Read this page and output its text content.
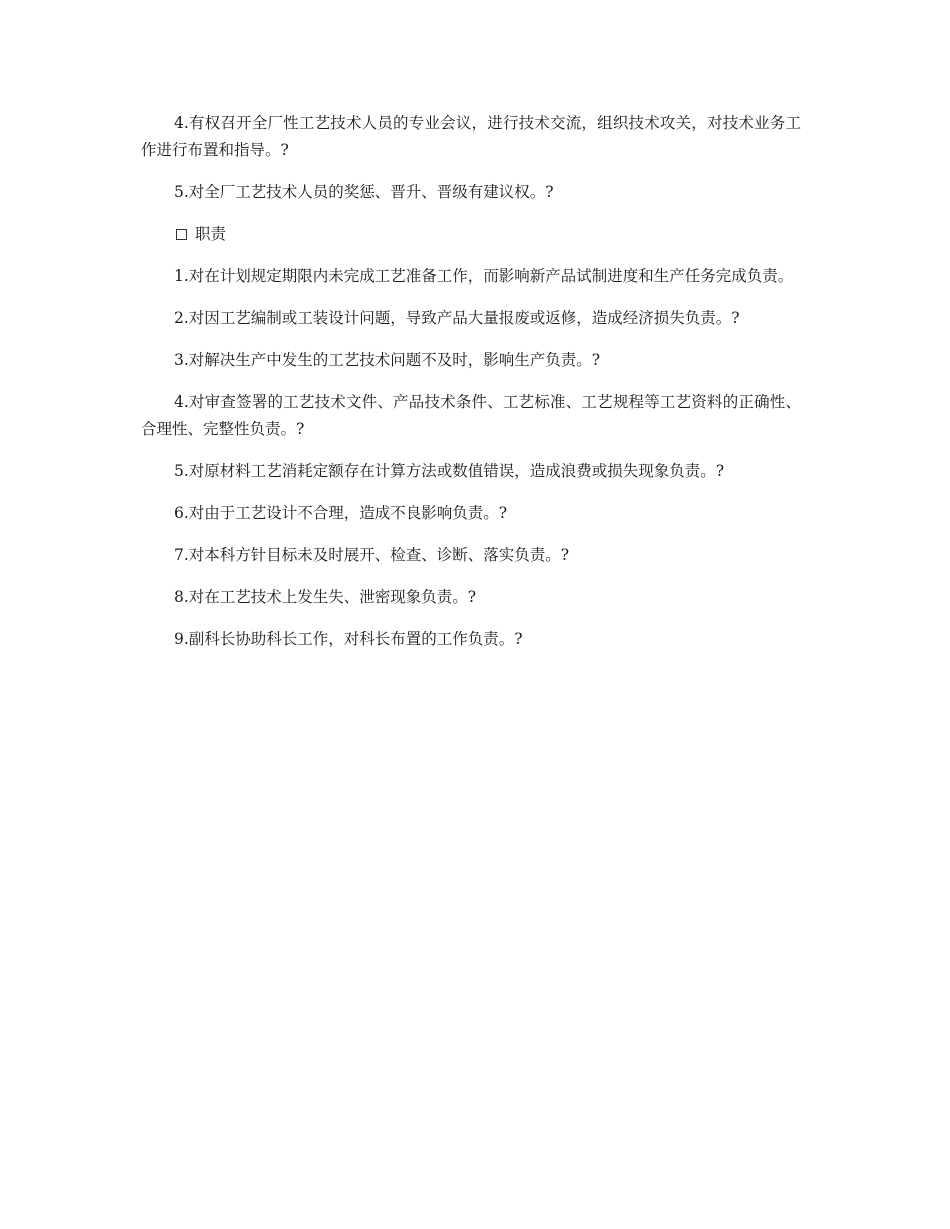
4.有权召开全厂性工艺技术人员的专业会议，进行技术交流，组织技术攻关，对技术业务工作进行布置和指导。?

5.对全厂工艺技术人员的奖惩、晋升、晋级有建议权。?

职责

1.对在计划规定期限内未完成工艺准备工作，而影响新产品试制进度和生产任务完成负责。

2.对因工艺编制或工装设计问题，导致产品大量报废或返修，造成经济损失负责。?

3.对解决生产中发生的工艺技术问题不及时，影响生产负责。?

4.对审查签署的工艺技术文件、产品技术条件、工艺标准、工艺规程等工艺资料的正确性、合理性、完整性负责。?

5.对原材料工艺消耗定额存在计算方法或数值错误，造成浪费或损失现象负责。?

6.对由于工艺设计不合理，造成不良影响负责。?

7.对本科方针目标未及时展开、检查、诊断、落实负责。?

8.对在工艺技术上发生失、泄密现象负责。?

9.副科长协助科长工作，对科长布置的工作负责。?
